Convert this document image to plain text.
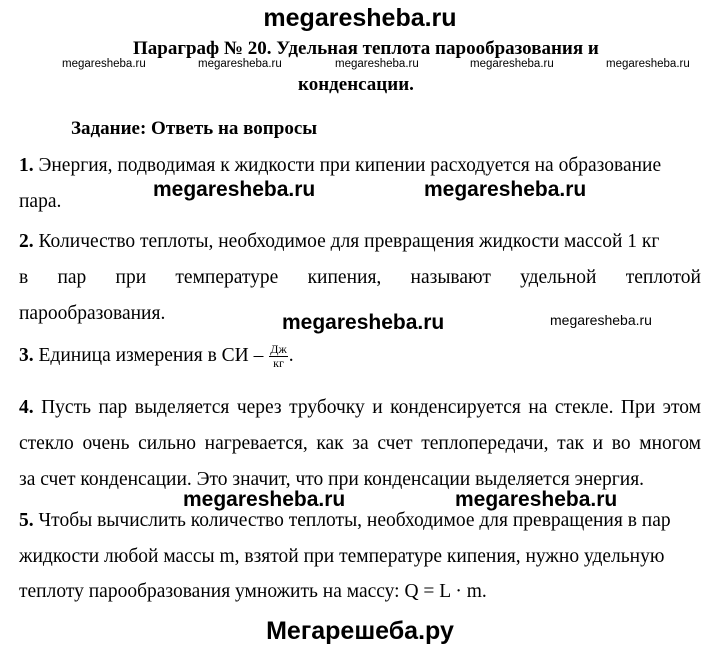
megaresheba.ru
Параграф № 20. Удельная теплота парообразования и
конденсации.
megaresheba.ru	megaresheba.ru	megaresheba.ru	megaresheba.ru	megaresheba.ru
Задание: Ответь на вопросы
1. Энергия, подводимая к жидкости при кипении расходуется на образование
пара.
megaresheba.ru	megaresheba.ru
2. Количество теплоты, необходимое для превращения жидкости массой 1 кг
в пар при температуре кипения, называют удельной теплотой
парообразования.	megaresheba.ru	megaresheba.ru
3. Единица измерения в СИ – $\frac{Дж}{кг}$ .
4. Пусть пар выделяется через трубочку и конденсируется на стекле. При этом
стекло очень сильно нагревается, как за счет теплопередачи, так и во многом
за счет конденсации. Это значит, что при конденсации выделяется энергия.
megaresheba.ru	megaresheba.ru
5. Чтобы вычислить количество теплоты, необходимое для превращения в пар
жидкости любой массы m, взятой при температуре кипения, нужно удельную
теплоту парообразования умножить на массу: Q = L · m.
Мегарешеба.ру
